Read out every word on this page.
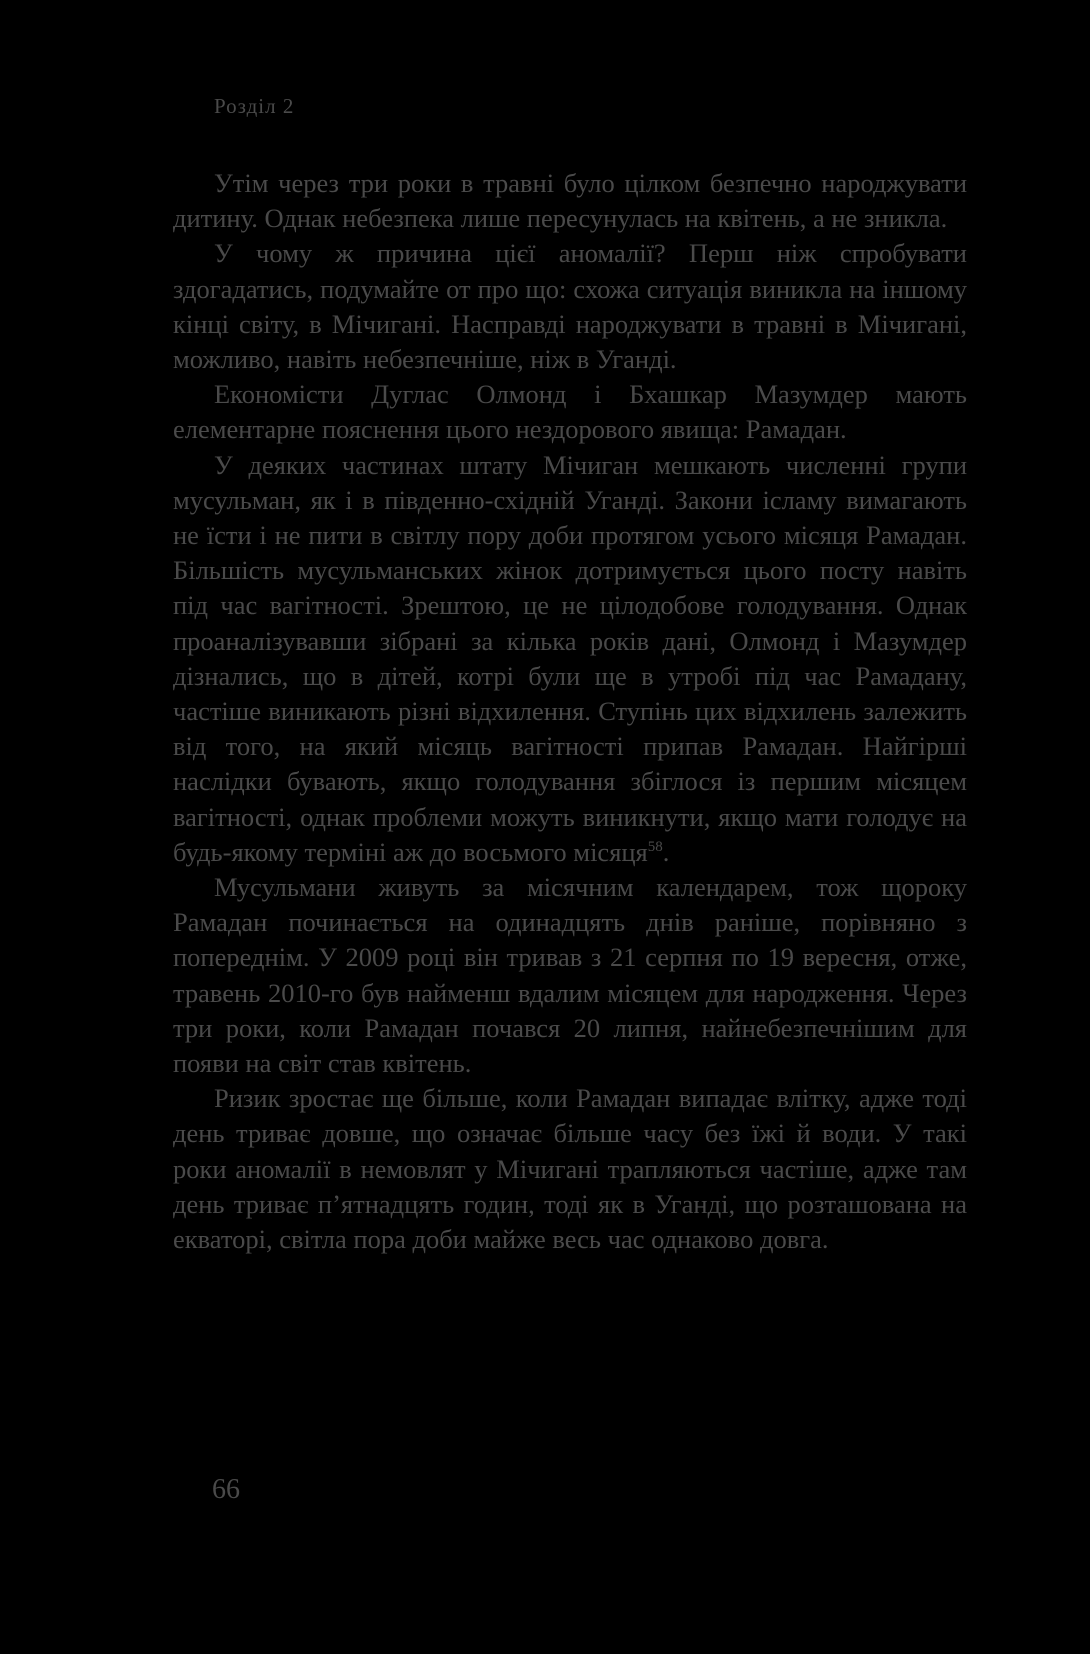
Розділ 2

Утім через три роки в травні було цілком безпечно народжувати дитину. Однак небезпека лише пересунулась на квітень, а не зникла.

У чому ж причина цієї аномалії? Перш ніж спробувати здогадатись, подумайте от про що: схожа ситуація виникла на іншому кінці світу, в Мічигані. Насправді народжувати в травні в Мічигані, можливо, навіть небезпечніше, ніж в Уганді.

Економісти Дуглас Олмонд і Бхашкар Мазумдер мають елементарне пояснення цього нездорового явища: Рамадан.

У деяких частинах штату Мічиган мешкають численні групи мусульман, як і в південно-східній Уганді. Закони ісламу вимагають не їсти і не пити в світлу пору доби протягом усього місяця Рамадан. Більшість мусульманських жінок дотримується цього посту навіть під час вагітності. Зрештою, це не цілодобове голодування. Однак проаналізувавши зібрані за кілька років дані, Олмонд і Мазумдер дізнались, що в дітей, котрі були ще в утробі під час Рамадану, частіше виникають різні відхилення. Ступінь цих відхилень залежить від того, на який місяць вагітності припав Рамадан. Найгірші наслідки бувають, якщо голодування збіглося із першим місяцем вагітності, однак проблеми можуть виникнути, якщо мати голодує на будь-якому терміні аж до восьмого місяця$^{58}$.

Мусульмани живуть за місячним календарем, тож щороку Рамадан починається на одинадцять днів раніше, порівняно з попереднім. У 2009 році він тривав з 21 серпня по 19 вересня, отже, травень 2010-го був найменш вдалим місяцем для народження. Через три роки, коли Рамадан почався 20 липня, найнебезпечнішим для появи на світ став квітень.

Ризик зростає ще більше, коли Рамадан випадає влітку, адже тоді день триває довше, що означає більше часу без їжі й води. У такі роки аномалії в немовлят у Мічигані трапляються частіше, адже там день триває п’ятнадцять годин, тоді як в Уганді, що розташована на екваторі, світла пора доби майже весь час однаково довга.

66
